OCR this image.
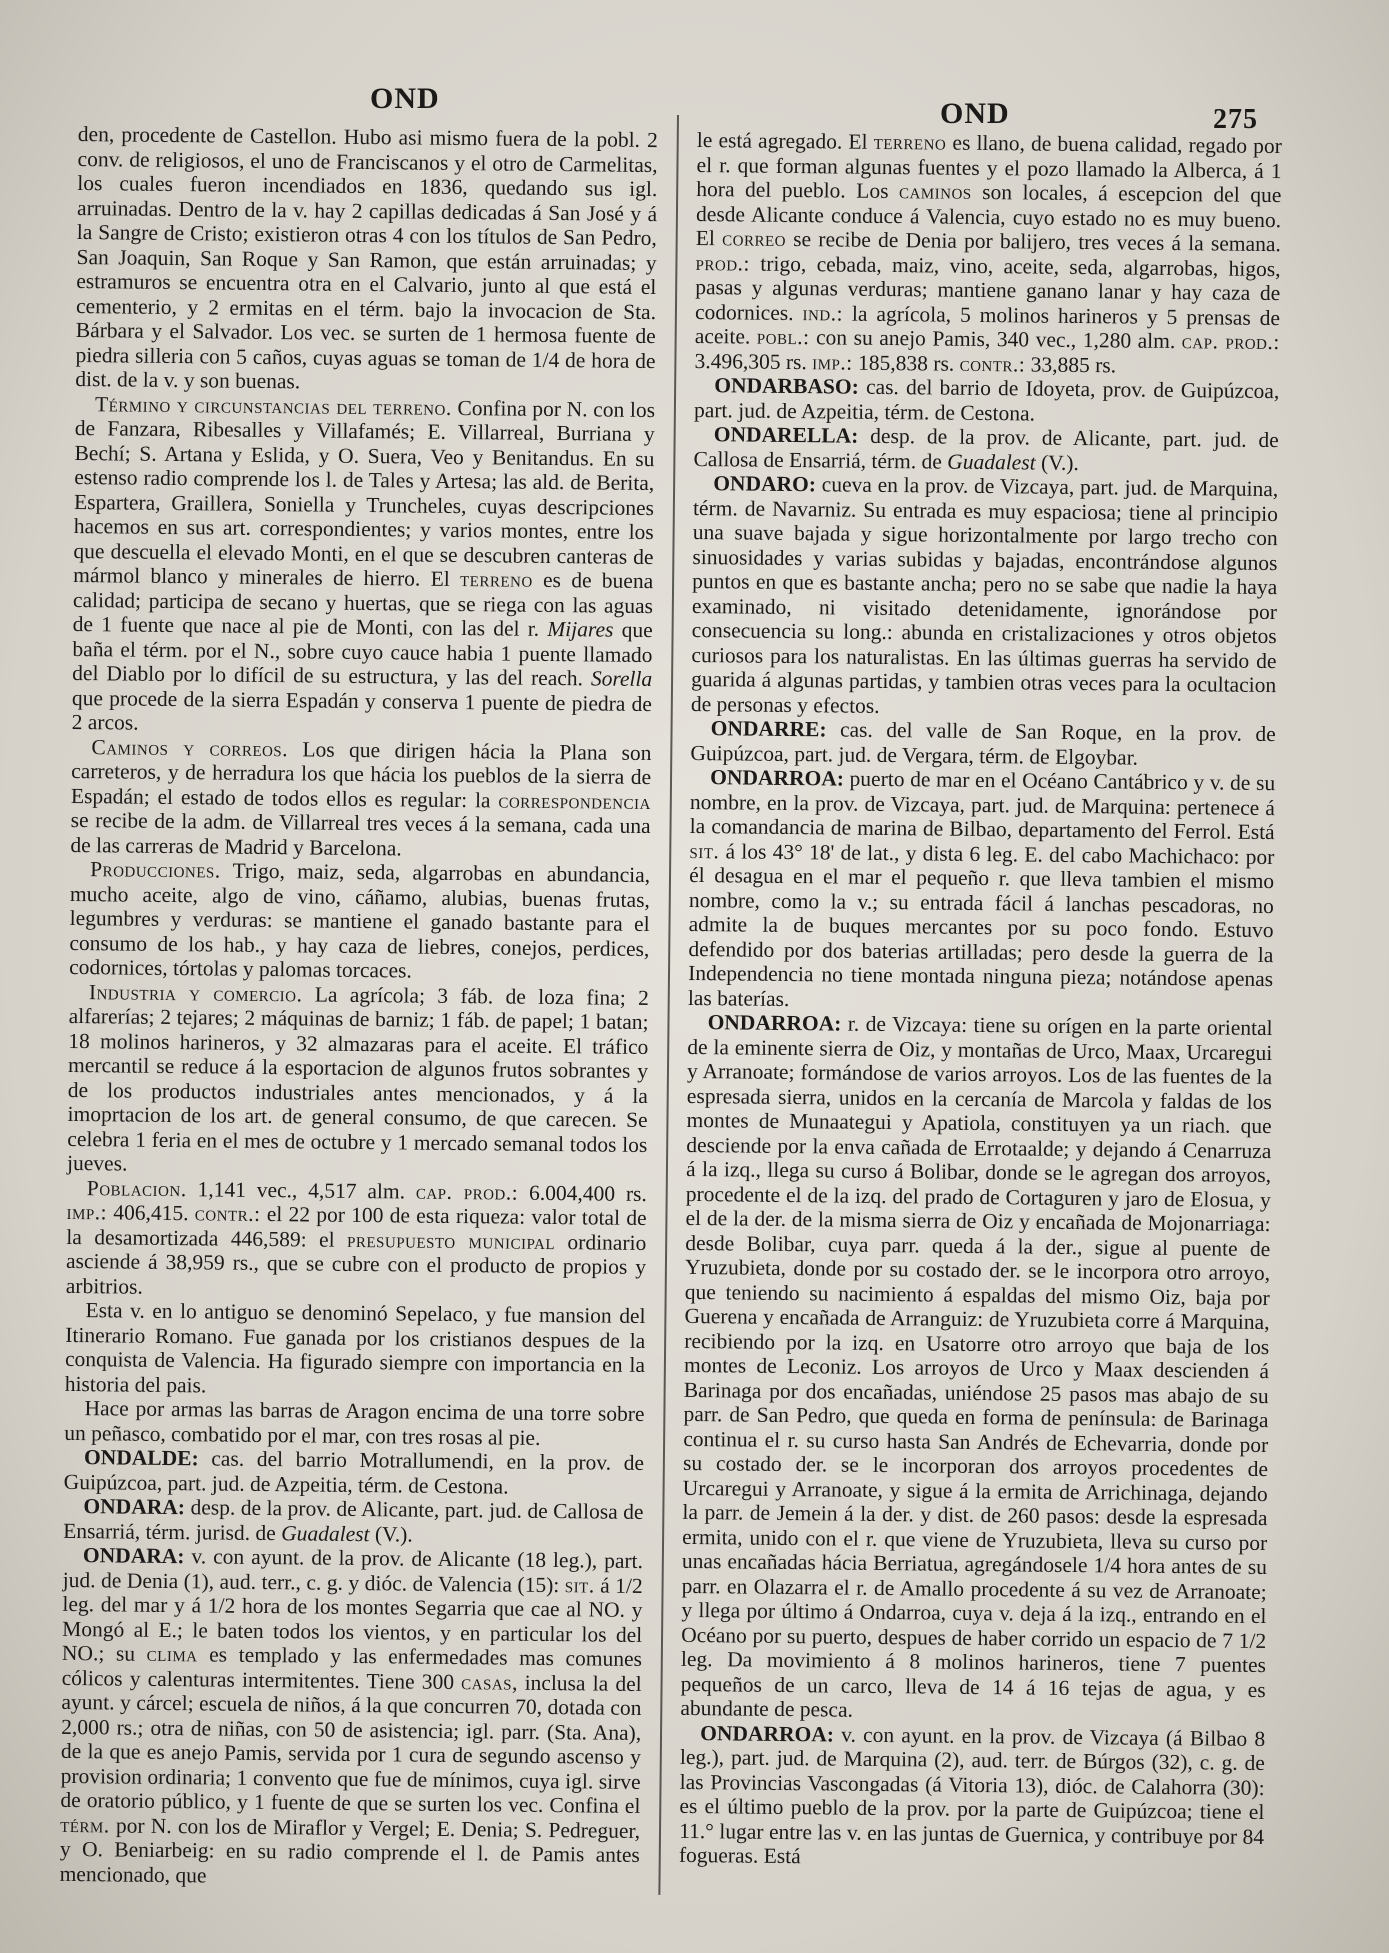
OND	OND	275

den, procedente de Castellon. Hubo asi mismo fuera de la pobl. 2 conv. de religiosos, el uno de Franciscanos y el otro de Carmelitas, los cuales fueron incendiados en 1836, quedando sus igl. arruinadas. Dentro de la v. hay 2 capillas dedicadas á San José y á la Sangre de Cristo; existieron otras 4 con los títulos de San Pedro, San Joaquin, San Roque y San Ramon, que están arruinadas; y estramuros se encuentra otra en el Calvario, junto al que está el cementerio, y 2 ermitas en el térm. bajo la invocacion de Sta. Bárbara y el Salvador. Los vec. se surten de 1 hermosa fuente de piedra silleria con 5 caños, cuyas aguas se toman de 1/4 de hora de dist. de la v. y son buenas.

Término y circunstancias del terreno. Confina por N. con los de Fanzara, Ribesalles y Villafamés; E. Villarreal, Burriana y Bechí; S. Artana y Eslida, y O. Suera, Veo y Benitandus. En su estenso radio comprende los l. de Tales y Artesa; las ald. de Berita, Espartera, Graillera, Soniella y Truncheles, cuyas descripciones hacemos en sus art. correspondientes; y varios montes, entre los que descuella el elevado Monti, en el que se descubren canteras de mármol blanco y minerales de hierro. El terreno es de buena calidad; participa de secano y huertas, que se riega con las aguas de 1 fuente que nace al pie de Monti, con las del r. Mijares que baña el térm. por el N., sobre cuyo cauce habia 1 puente llamado del Diablo por lo difícil de su estructura, y las del reach. Sorella que procede de la sierra Espadán y conserva 1 puente de piedra de 2 arcos.

Caminos y correos. Los que dirigen hácia la Plana son carreteros, y de herradura los que hácia los pueblos de la sierra de Espadán; el estado de todos ellos es regular: la correspondencia se recibe de la adm. de Villarreal tres veces á la semana, cada una de las carreras de Madrid y Barcelona.

Producciones. Trigo, maiz, seda, algarrobas en abundancia, mucho aceite, algo de vino, cáñamo, alubias, buenas frutas, legumbres y verduras: se mantiene el ganado bastante para el consumo de los hab., y hay caza de liebres, conejos, perdices, codornices, tórtolas y palomas torcaces.

Industria y comercio. La agrícola; 3 fáb. de loza fina; 2 alfarerías; 2 tejares; 2 máquinas de barniz; 1 fáb. de papel; 1 batan; 18 molinos harineros, y 32 almazaras para el aceite. El tráfico mercantil se reduce á la esportacion de algunos frutos sobrantes y de los productos industriales antes mencionados, y á la imoprtacion de los art. de general consumo, de que carecen. Se celebra 1 feria en el mes de octubre y 1 mercado semanal todos los jueves.

Poblacion. 1,141 vec., 4,517 alm. cap. prod.: 6.004,400 rs. imp.: 406,415. contr.: el 22 por 100 de esta riqueza: valor total de la desamortizada 446,589: el presupuesto municipal ordinario asciende á 38,959 rs., que se cubre con el producto de propios y arbitrios.

Esta v. en lo antiguo se denominó Sepelaco, y fue mansion del Itinerario Romano. Fue ganada por los cristianos despues de la conquista de Valencia. Ha figurado siempre con importancia en la historia del pais.

Hace por armas las barras de Aragon encima de una torre sobre un peñasco, combatido por el mar, con tres rosas al pie.

ONDALDE: cas. del barrio Motrallumendi, en la prov. de Guipúzcoa, part. jud. de Azpeitia, térm. de Cestona.

ONDARA: desp. de la prov. de Alicante, part. jud. de Callosa de Ensarriá, térm. jurisd. de Guadalest (V.).

ONDARA: v. con ayunt. de la prov. de Alicante (18 leg.), part. jud. de Denia (1), aud. terr., c. g. y dióc. de Valencia (15): sit. á 1/2 leg. del mar y á 1/2 hora de los montes Segarria que cae al NO. y Mongó al E.; le baten todos los vientos, y en particular los del NO.; su clima es templado y las enfermedades mas comunes cólicos y calenturas intermitentes. Tiene 300 casas, inclusa la del ayunt. y cárcel; escuela de niños, á la que concurren 70, dotada con 2,000 rs.; otra de niñas, con 50 de asistencia; igl. parr. (Sta. Ana), de la que es anejo Pamis, servida por 1 cura de segundo ascenso y provision ordinaria; 1 convento que fue de mínimos, cuya igl. sirve de oratorio público, y 1 fuente de que se surten los vec. Confina el térm. por N. con los de Miraflor y Vergel; E. Denia; S. Pedreguer, y O. Beniarbeig: en su radio comprende el l. de Pamis antes mencionado, que

le está agregado. El terreno es llano, de buena calidad, regado por el r. que forman algunas fuentes y el pozo llamado la Alberca, á 1 hora del pueblo. Los caminos son locales, á escepcion del que desde Alicante conduce á Valencia, cuyo estado no es muy bueno. El correo se recibe de Denia por balijero, tres veces á la semana. prod.: trigo, cebada, maiz, vino, aceite, seda, algarrobas, higos, pasas y algunas verduras; mantiene ganano lanar y hay caza de codornices. ind.: la agrícola, 5 molinos harineros y 5 prensas de aceite. pobl.: con su anejo Pamis, 340 vec., 1,280 alm. cap. prod.: 3.496,305 rs. imp.: 185,838 rs. contr.: 33,885 rs.

ONDARBASO: cas. del barrio de Idoyeta, prov. de Guipúzcoa, part. jud. de Azpeitia, térm. de Cestona.

ONDARELLA: desp. de la prov. de Alicante, part. jud. de Callosa de Ensarriá, térm. de Guadalest (V.).

ONDARO: cueva en la prov. de Vizcaya, part. jud. de Marquina, térm. de Navarniz. Su entrada es muy espaciosa; tiene al principio una suave bajada y sigue horizontalmente por largo trecho con sinuosidades y varias subidas y bajadas, encontrándose algunos puntos en que es bastante ancha; pero no se sabe que nadie la haya examinado, ni visitado detenidamente, ignorándose por consecuencia su long.: abunda en cristalizaciones y otros objetos curiosos para los naturalistas. En las últimas guerras ha servido de guarida á algunas partidas, y tambien otras veces para la ocultacion de personas y efectos.

ONDARRE: cas. del valle de San Roque, en la prov. de Guipúzcoa, part. jud. de Vergara, térm. de Elgoybar.

ONDARROA: puerto de mar en el Océano Cantábrico y v. de su nombre, en la prov. de Vizcaya, part. jud. de Marquina: pertenece á la comandancia de marina de Bilbao, departamento del Ferrol. Está sit. á los 43° 18' de lat., y dista 6 leg. E. del cabo Machichaco: por él desagua en el mar el pequeño r. que lleva tambien el mismo nombre, como la v.; su entrada fácil á lanchas pescadoras, no admite la de buques mercantes por su poco fondo. Estuvo defendido por dos baterias artilladas; pero desde la guerra de la Independencia no tiene montada ninguna pieza; notándose apenas las baterías.

ONDARROA: r. de Vizcaya: tiene su orígen en la parte oriental de la eminente sierra de Oiz, y montañas de Urco, Maax, Urcaregui y Arranoate; formándose de varios arroyos. Los de las fuentes de la espresada sierra, unidos en la cercanía de Marcola y faldas de los montes de Munaategui y Apatiola, constituyen ya un riach. que desciende por la enva cañada de Errotaalde; y dejando á Cenarruza á la izq., llega su curso á Bolibar, donde se le agregan dos arroyos, procedente el de la izq. del prado de Cortaguren y jaro de Elosua, y el de la der. de la misma sierra de Oiz y encañada de Mojonarriaga: desde Bolibar, cuya parr. queda á la der., sigue al puente de Yruzubieta, donde por su costado der. se le incorpora otro arroyo, que teniendo su nacimiento á espaldas del mismo Oiz, baja por Guerena y encañada de Arranguiz: de Yruzubieta corre á Marquina, recibiendo por la izq. en Usatorre otro arroyo que baja de los montes de Leconiz. Los arroyos de Urco y Maax descienden á Barinaga por dos encañadas, uniéndose 25 pasos mas abajo de su parr. de San Pedro, que queda en forma de península: de Barinaga continua el r. su curso hasta San Andrés de Echevarria, donde por su costado der. se le incorporan dos arroyos procedentes de Urcaregui y Arranoate, y sigue á la ermita de Arrichinaga, dejando la parr. de Jemein á la der. y dist. de 260 pasos: desde la espresada ermita, unido con el r. que viene de Yruzubieta, lleva su curso por unas encañadas hácia Berriatua, agregándosele 1/4 hora antes de su parr. en Olazarra el r. de Amallo procedente á su vez de Arranoate; y llega por último á Ondarroa, cuya v. deja á la izq., entrando en el Océano por su puerto, despues de haber corrido un espacio de 7 1/2 leg. Da movimiento á 8 molinos harineros, tiene 7 puentes pequeños de un carco, lleva de 14 á 16 tejas de agua, y es abundante de pesca.

ONDARROA: v. con ayunt. en la prov. de Vizcaya (á Bilbao 8 leg.), part. jud. de Marquina (2), aud. terr. de Búrgos (32), c. g. de las Provincias Vascongadas (á Vitoria 13), dióc. de Calahorra (30): es el último pueblo de la prov. por la parte de Guipúzcoa; tiene el 11.° lugar entre las v. en las juntas de Guernica, y contribuye por 84 fogueras. Está
